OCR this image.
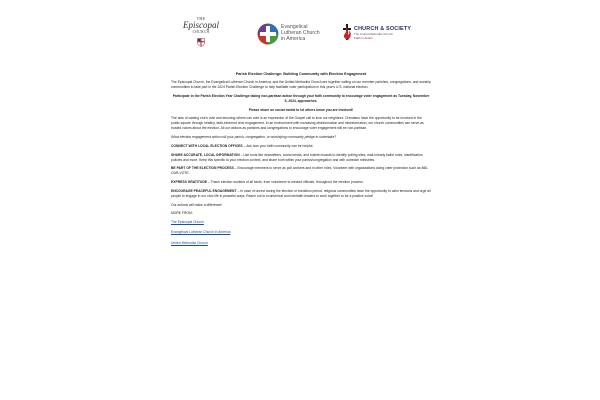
THE
Episcopal
CHURCH
Evangelical
Lutheran Church
in America
CHURCH & SOCIETY
The United Methodist Church
Faith in Action
Parish Election Challenge: Building Community with Election Engagement

The Episcopal Church, the Evangelical Lutheran Church in America, and the United Methodist Church are together calling on our member parishes, congregations, and worship communities to take part in the 2024 Parish Election Challenge to help facilitate voter participation in this year's U.S. national election.

Participate in the Parish Election Year Challenge taking non-partisan action through your faith community to encourage voter engagement as Tuesday, November 5, 2024, approaches.

Please share on social media to let others know you are involved!

The acts of casting one's vote and ensuring others can vote is an expression of the Gospel call to love our neighbors. Christians have the opportunity to be involved in the public square through healthy, faith-informed civic engagement. In an environment with increasing disinformation and misinformation, our church communities can serve as trusted voices about the election. All our actions as parishes and congregations to encourage voter engagement will be non-partisan.

What election engagement action will your parish, congregation, or worshiping community pledge to undertake?

CONNECT WITH LOCAL ELECTION OFFICES – Ask how your faith community can be helpful.

SHARE ACCURATE, LOCAL INFORMATION – Use tools like newsletters, social media, and bulletin boards to identify polling sites, mail-in/early ballot rules, identification policies and more. Keep this specific to your election context, and share both within your parish/congregation and with outreach ministries.

BE PART OF THE ELECTION PROCESS – Encourage members to serve as poll workers and in other roles. Volunteer with organizations doing voter protection such as 866-OUR-VOTE.

EXPRESS GRATITUDE – Thank election workers of all kinds, from volunteers to elected officials, throughout the election process.

ENCOURAGE PEACEFUL ENGAGEMENT – In case of unrest during the election or transition period, religious communities have the opportunity to calm tensions and urge all people to engage in our civic life in peaceful ways. Reach out to ecumenical and interfaith leaders to work together to be a positive voice!

Our actions will make a difference!

MORE FROM:

The Episcopal Church
Evangelical Lutheran Church in America
United Methodist Church
